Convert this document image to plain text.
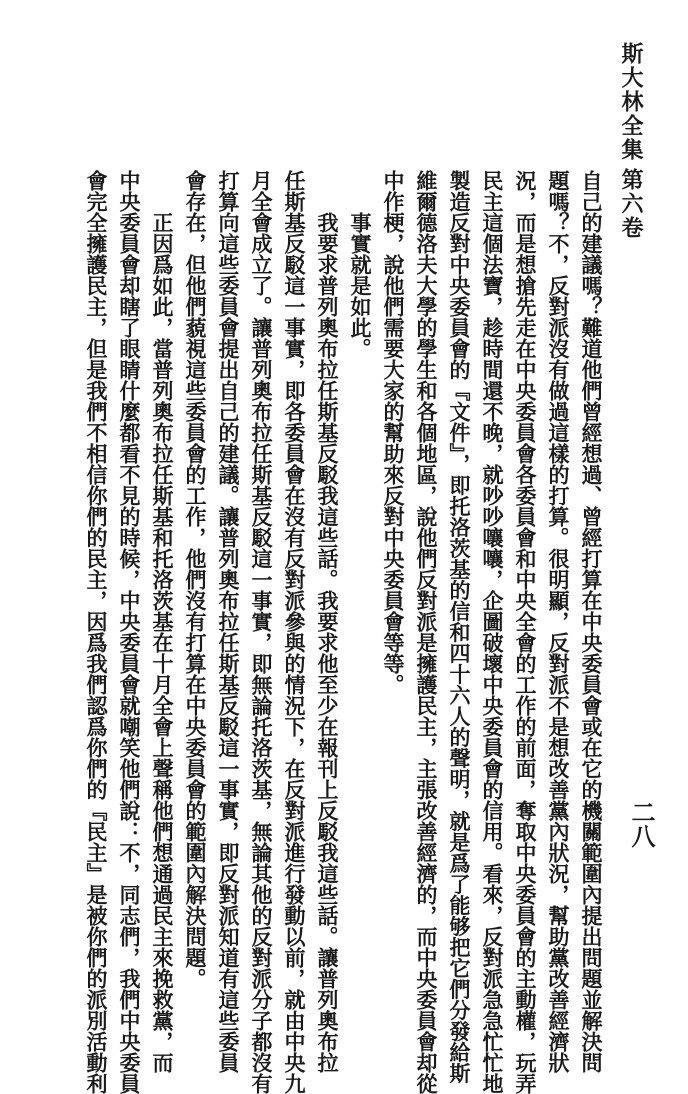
斯大林全集
第六卷
二八

自己的建議嗎？難道他們曾經想過、曾經打算在中央委員會或在它的機關範圍內提出問題並解決問

題嗎？不，反對派沒有做過這樣的打算。很明顯，反對派不是想改善黨內狀況，幫助黨改善經濟狀

況，而是想搶先走在中央委員會各委員會和中央全會的工作的前面，奪取中央委員會的主動權，玩弄

民主這個法寶，趁時間還不晚，就吵吵嚷嚷，企圖破壞中央委員會的信用。看來，反對派急急忙忙地

製造反對中央委員會的『文件』，即托洛茨基的信和四十六人的聲明，就是爲了能够把它們分發給斯

維爾德洛夫大學的學生和各個地區，說他們反對派是擁護民主，主張改善經濟的，而中央委員會却從

中作梗，說他們需要大家的幫助來反對中央委員會等等。

事實就是如此。

我要求普列奧布拉任斯基反駁我這些話。我要求他至少在報刊上反駁我這些話。讓普列奧布拉

任斯基反駁這一事實，即各委員會在沒有反對派參與的情況下，在反對派進行發動以前，就由中央九

月全會成立了。讓普列奧布拉任斯基反駁這一事實，即無論托洛茨基，無論其他的反對派分子都沒有

打算向這些委員會提出自己的建議。讓普列奧布拉任斯基反駁這一事實，即反對派知道有這些委員

會存在，但他們藐視這些委員會的工作，他們沒有打算在中央委員會的範圍內解決問題。

正因爲如此，當普列奧布拉任斯基和托洛茨基在十月全會上聲稱他們想通過民主來挽救黨，而

中央委員會却瞎了眼睛什麼都看不見的時候，中央委員會就嘲笑他們說：不，同志們，我們中央委員

會完全擁護民主，但是我們不相信你們的民主，因爲我們認爲你們的『民主』是被你們的派別活動利
